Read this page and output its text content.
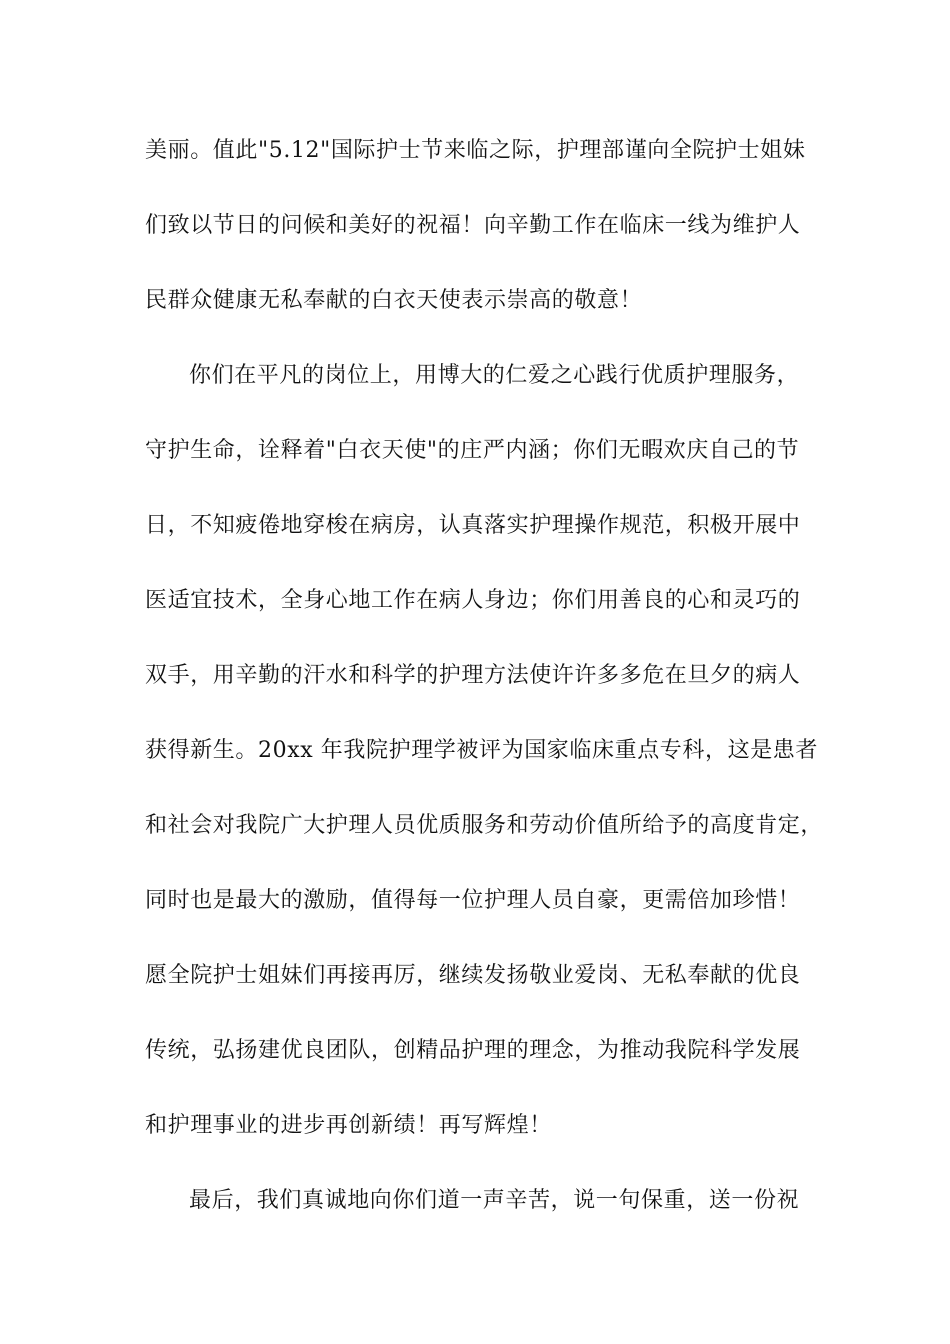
美丽。值此"5.12"国际护士节来临之际，护理部谨向全院护士姐妹
们致以节日的问候和美好的祝福！向辛勤工作在临床一线为维护人
民群众健康无私奉献的白衣天使表示崇高的敬意！
你们在平凡的岗位上，用博大的仁爱之心践行优质护理服务，
守护生命，诠释着"白衣天使"的庄严内涵；你们无暇欢庆自己的节
日，不知疲倦地穿梭在病房，认真落实护理操作规范，积极开展中
医适宜技术，全身心地工作在病人身边；你们用善良的心和灵巧的
双手，用辛勤的汗水和科学的护理方法使许许多多危在旦夕的病人
获得新生。20xx 年我院护理学被评为国家临床重点专科，这是患者
和社会对我院广大护理人员优质服务和劳动价值所给予的高度肯定，
同时也是最大的激励，值得每一位护理人员自豪，更需倍加珍惜！
愿全院护士姐妹们再接再厉，继续发扬敬业爱岗、无私奉献的优良
传统，弘扬建优良团队，创精品护理的理念，为推动我院科学发展
和护理事业的进步再创新绩！再写辉煌！
最后，我们真诚地向你们道一声辛苦，说一句保重，送一份祝
